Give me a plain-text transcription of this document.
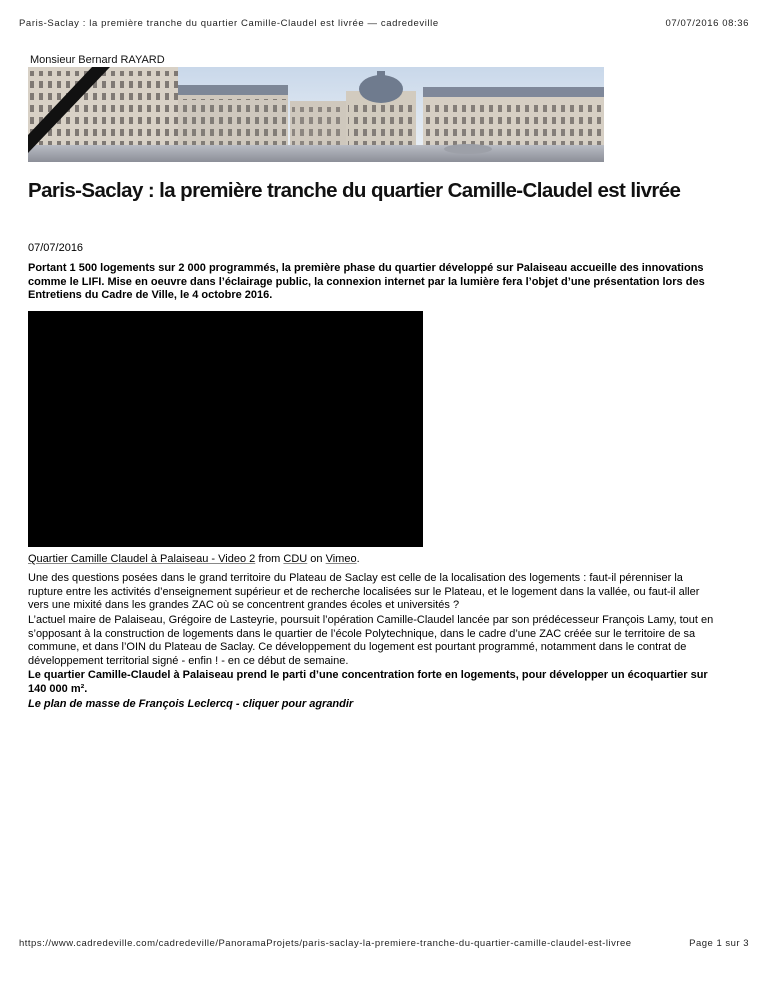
Paris-Saclay : la première tranche du quartier Camille-Claudel est livrée — cadredeville	07/07/2016 08:36
Monsieur Bernard RAYARD
Paris-Saclay : la première tranche du quartier Camille-Claudel est livrée
07/07/2016

Portant 1 500 logements sur 2 000 programmés, la première phase du quartier développé sur Palaiseau accueille des innovations comme le LIFI. Mise en oeuvre dans l’éclairage public, la connexion internet par la lumière fera l’objet d’une présentation lors des Entretiens du Cadre de Ville, le 4 octobre 2016.

Quartier Camille Claudel à Palaiseau - Video 2 from CDU on Vimeo.

Une des questions posées dans le grand territoire du Plateau de Saclay est celle de la localisation des logements : faut-il pérenniser la rupture entre les activités d’enseignement supérieur et de recherche localisées sur le Plateau, et le logement dans la vallée, ou faut-il aller vers une mixité dans les grandes ZAC où se concentrent grandes écoles et universités ?

L’actuel maire de Palaiseau, Grégoire de Lasteyrie, poursuit l’opération Camille-Claudel lancée par son prédécesseur François Lamy, tout en s’opposant à la construction de logements dans le quartier de l’école Polytechnique, dans le cadre d’une ZAC créée sur le territoire de sa commune, et dans l’OIN du Plateau de Saclay. Ce développement du logement est pourtant programmé, notamment dans le contrat de développement territorial signé - enfin ! - en ce début de semaine.

Le quartier Camille-Claudel à Palaiseau prend le parti d’une concentration forte en logements, pour développer un écoquartier sur 140 000 m².

Le plan de masse de François Leclercq - cliquer pour agrandir

https://www.cadredeville.com/cadredeville/PanoramaProjets/paris-saclay-la-premiere-tranche-du-quartier-camille-claudel-est-livree	Page 1 sur 3
